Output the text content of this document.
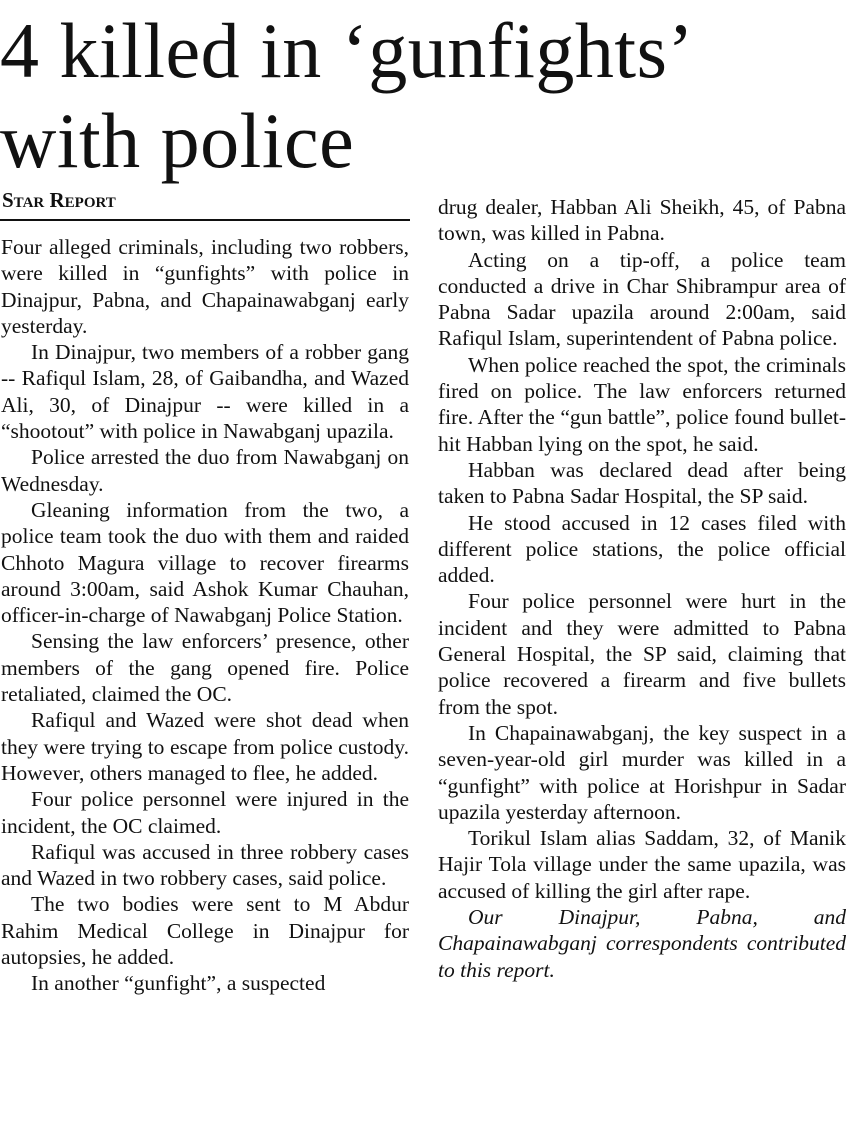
4 killed in ‘gunfights’
with police
Star Report

Four alleged criminals, including two robbers, were killed in “gunfights” with police in Dinajpur, Pabna, and Chapainawabganj early yesterday.

In Dinajpur, two members of a robber gang -- Rafiqul Islam, 28, of Gaibandha, and Wazed Ali, 30, of Dinajpur -- were killed in a “shootout” with police in Nawabganj upazila.

Police arrested the duo from Nawabganj on Wednesday.

Gleaning information from the two, a police team took the duo with them and raided Chhoto Magura village to recover firearms around 3:00am, said Ashok Kumar Chauhan, officer-in-charge of Nawabganj Police Station.

Sensing the law enforcers’ presence, other members of the gang opened fire. Police retaliated, claimed the OC.

Rafiqul and Wazed were shot dead when they were trying to escape from police custody. However, others managed to flee, he added.

Four police personnel were injured in the incident, the OC claimed.

Rafiqul was accused in three robbery cases and Wazed in two robbery cases, said police.

The two bodies were sent to M Abdur Rahim Medical College in Dinajpur for autopsies, he added.

In another “gunfight”, a suspected

drug dealer, Habban Ali Sheikh, 45, of Pabna town, was killed in Pabna.

Acting on a tip-off, a police team conducted a drive in Char Shibrampur area of Pabna Sadar upazila around 2:00am, said Rafiqul Islam, superintendent of Pabna police.

When police reached the spot, the criminals fired on police. The law enforcers returned fire. After the “gun battle”, police found bullet-hit Habban lying on the spot, he said.

Habban was declared dead after being taken to Pabna Sadar Hospital, the SP said.

He stood accused in 12 cases filed with different police stations, the police official added.

Four police personnel were hurt in the incident and they were admitted to Pabna General Hospital, the SP said, claiming that police recovered a firearm and five bullets from the spot.

In Chapainawabganj, the key suspect in a seven-year-old girl murder was killed in a “gunfight” with police at Horishpur in Sadar upazila yesterday afternoon.

Torikul Islam alias Saddam, 32, of Manik Hajir Tola village under the same upazila, was accused of killing the girl after rape.

Our Dinajpur, Pabna, and Chapainawabganj correspondents contributed to this report.
